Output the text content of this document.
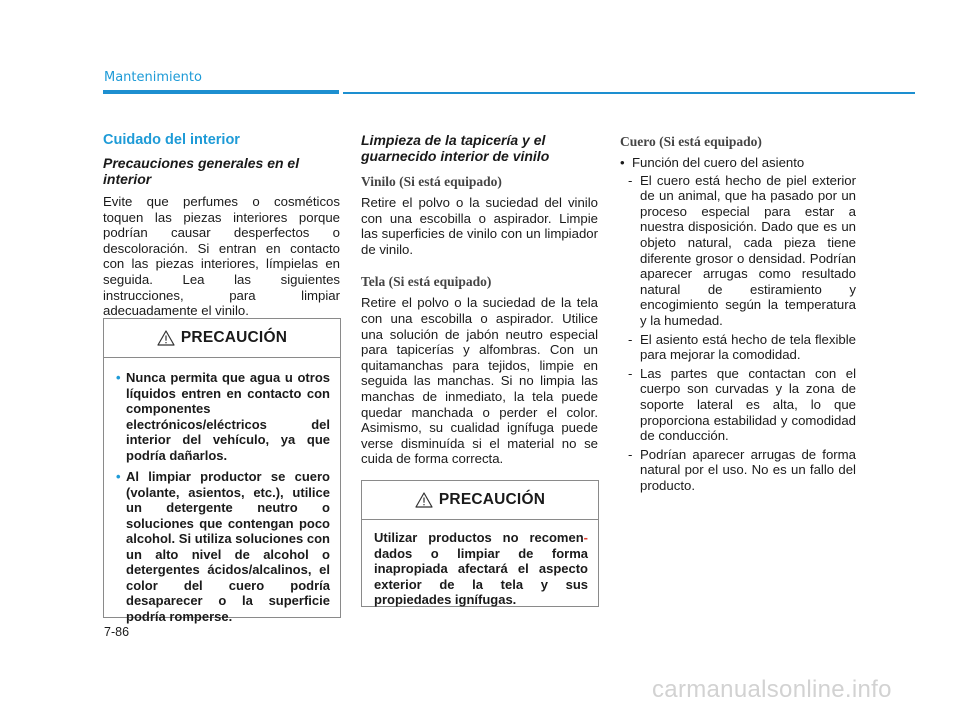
Mantenimiento
Cuidado del interior
Precauciones generales en el interior

Evite que perfumes o cosméticos toquen las piezas interiores porque podrían causar desperfectos o descoloración. Si entran en contacto con las piezas interiores, límpielas en seguida. Lea las siguientes instrucciones, para limpiar adecuadamente el vinilo.

PRECAUCIÓN
• Nunca permita que agua u otros líquidos entren en contacto con componentes electrónicos/eléctricos del interior del vehículo, ya que podría dañarlos.
• Al limpiar productor se cuero (volante, asientos, etc.), utilice un detergente neutro o soluciones que contengan poco alcohol. Si utiliza soluciones con un alto nivel de alcohol o detergentes ácidos/alcalinos, el color del cuero podría desaparecer o la superficie podría romperse.
Limpieza de la tapicería y el guarnecido interior de vinilo
Vinilo (Si está equipado)

Retire el polvo o la suciedad del vinilo con una escobilla o aspirador. Limpie las superficies de vinilo con un limpiador de vinilo.

Tela (Si está equipado)

Retire el polvo o la suciedad de la tela con una escobilla o aspirador. Utilice una solución de jabón neutro especial para tapicerías y alfombras. Con un quitamanchas para tejidos, limpie en seguida las manchas. Si no limpia las manchas de inmediato, la tela puede quedar manchada o perder el color. Asimismo, su cualidad ignífuga puede verse disminuída si el material no se cuida de forma correcta.

PRECAUCIÓN
Utilizar productos no recomen- dados o limpiar de forma inapropiada afectará el aspecto exterior de la tela y sus propiedades ignífugas.
Cuero (Si está equipado)
•  Función del cuero del asiento
- El cuero está hecho de piel exterior de un animal, que ha pasado por un proceso especial para estar a nuestra disposición. Dado que es un objeto natural, cada pieza tiene diferente grosor o densidad. Podrían aparecer arrugas como resultado natural de estiramiento y encogimiento según la temperatura y la humedad.
- El asiento está hecho de tela flexible para mejorar la comodidad.
- Las partes que contactan con el cuerpo son curvadas y la zona de soporte lateral es alta, lo que proporciona estabilidad y comodidad de conducción.
- Podrían aparecer arrugas de forma natural por el uso. No es un fallo del producto.
7-86
carmanualsonline.info
